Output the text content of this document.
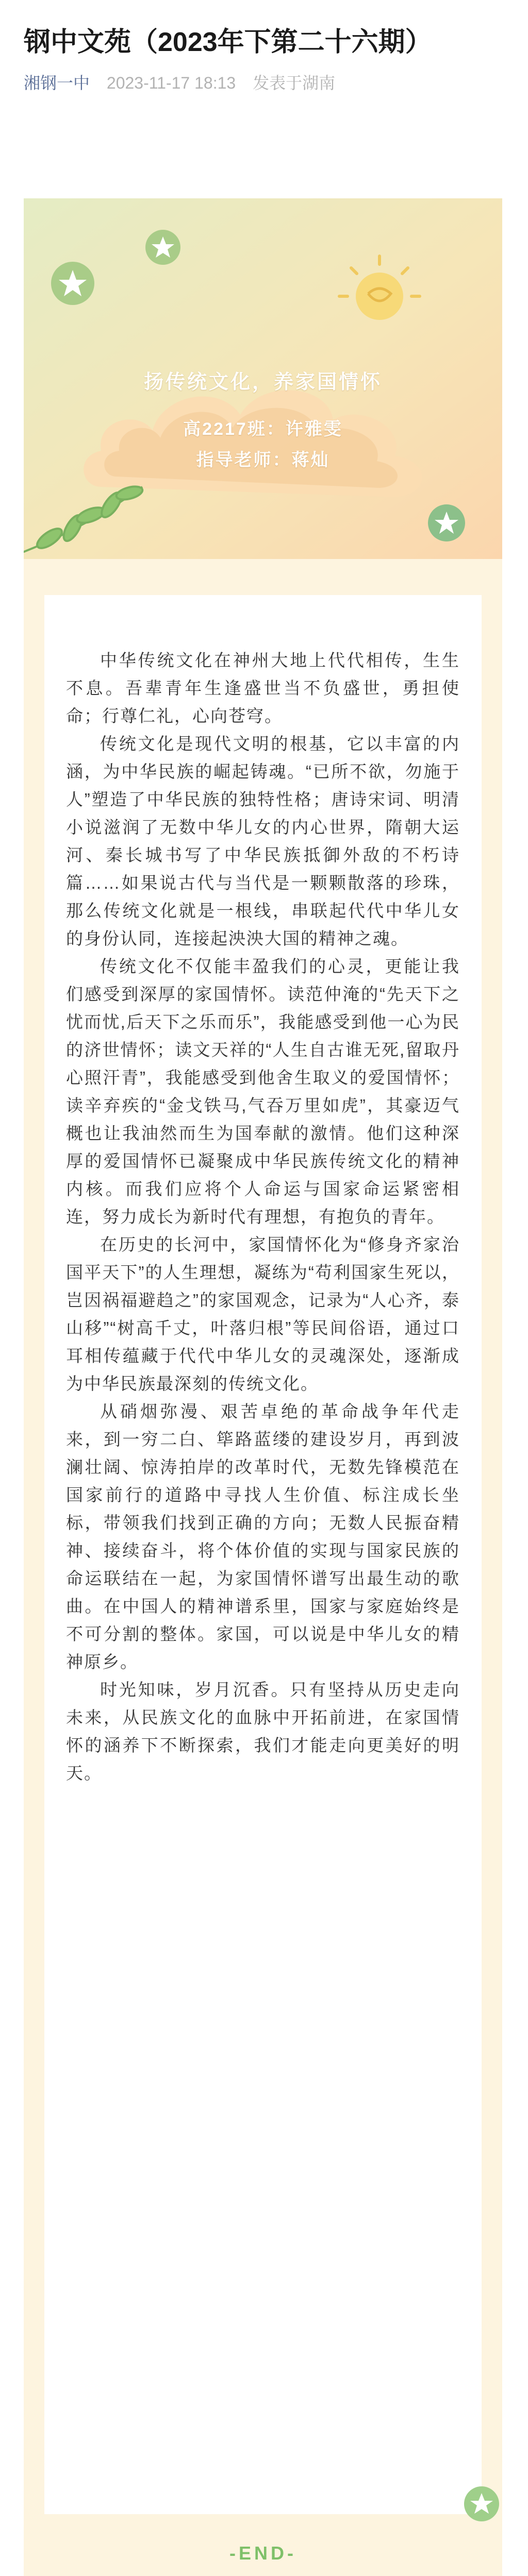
钢中文苑（2023年下第二十六期）
湘钢一中 2023-11-17 18:13 发表于湖南
扬传统文化，养家国情怀
高2217班：许雅雯
指导老师：蒋灿

中华传统文化在神州大地上代代相传，生生不息。吾辈青年生逢盛世当不负盛世，勇担使命；行尊仁礼，心向苍穹。

传统文化是现代文明的根基，它以丰富的内涵，为中华民族的崛起铸魂。“已所不欲，勿施于人”塑造了中华民族的独特性格；唐诗宋词、明清小说滋润了无数中华儿女的内心世界，隋朝大运河、秦长城书写了中华民族抵御外敌的不朽诗篇……如果说古代与当代是一颗颗散落的珍珠，那么传统文化就是一根线，串联起代代中华儿女的身份认同，连接起泱泱大国的精神之魂。

传统文化不仅能丰盈我们的心灵，更能让我们感受到深厚的家国情怀。读范仲淹的“先天下之忧而忧,后天下之乐而乐”，我能感受到他一心为民的济世情怀；读文天祥的“人生自古谁无死,留取丹心照汗青”，我能感受到他舍生取义的爱国情怀；读辛弃疾的“金戈铁马,气吞万里如虎”，其豪迈气概也让我油然而生为国奉献的激情。他们这种深厚的爱国情怀已凝聚成中华民族传统文化的精神内核。而我们应将个人命运与国家命运紧密相连，努力成长为新时代有理想，有抱负的青年。

在历史的长河中，家国情怀化为“修身齐家治国平天下”的人生理想，凝练为“苟利国家生死以，岂因祸福避趋之”的家国观念，记录为“人心齐，泰山移”“树高千丈，叶落归根”等民间俗语，通过口耳相传蕴藏于代代中华儿女的灵魂深处，逐渐成为中华民族最深刻的传统文化。

从硝烟弥漫、艰苦卓绝的革命战争年代走来，到一穷二白、筚路蓝缕的建设岁月，再到波澜壮阔、惊涛拍岸的改革时代，无数先锋模范在国家前行的道路中寻找人生价值、标注成长坐标，带领我们找到正确的方向；无数人民振奋精神、接续奋斗，将个体价值的实现与国家民族的命运联结在一起，为家国情怀谱写出最生动的歌曲。在中国人的精神谱系里，国家与家庭始终是不可分割的整体。家国，可以说是中华儿女的精神原乡。

时光知味，岁月沉香。只有坚持从历史走向未来，从民族文化的血脉中开拓前进，在家国情怀的涵养下不断探索，我们才能走向更美好的明天。

-END-
